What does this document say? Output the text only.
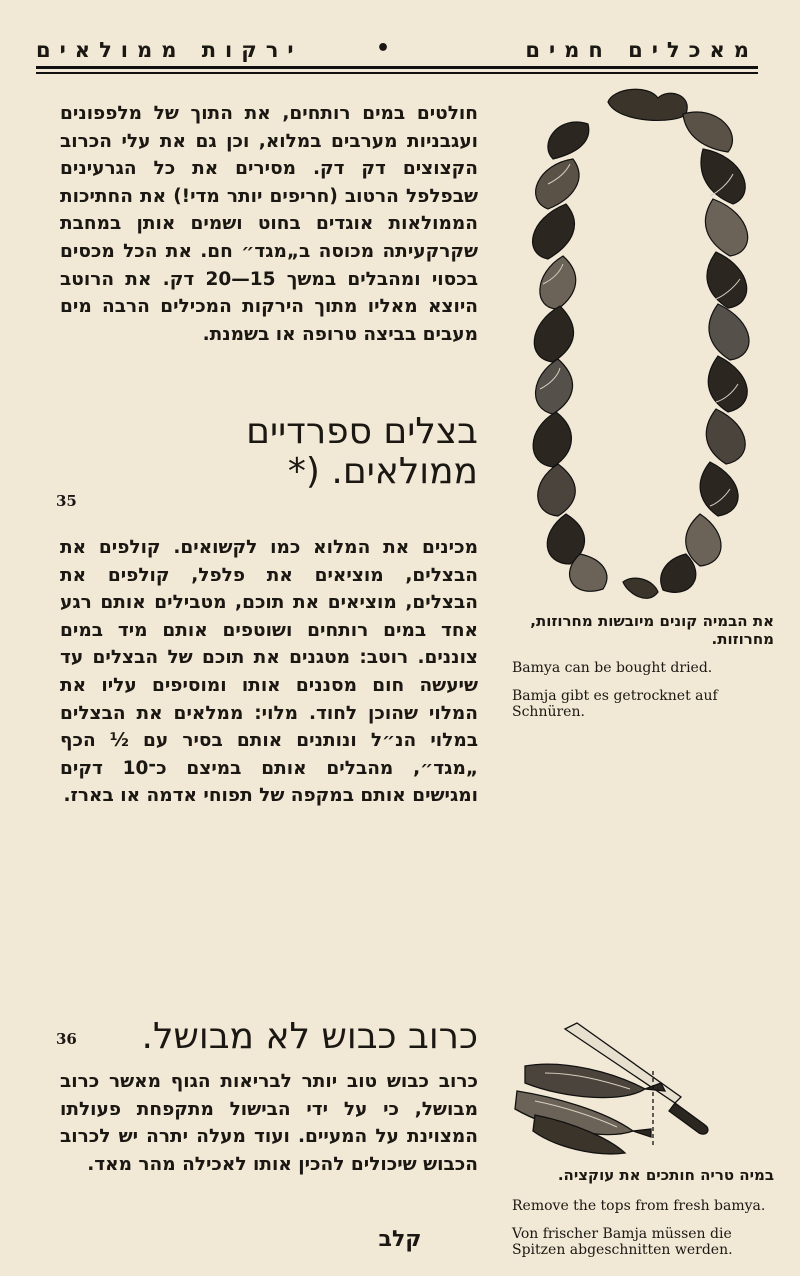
מאכלים חמים
•
ירקות ממולאים

חולטים במים רותחים, את התוך של מלפפונים ועגבניות מערבים במלוא, וכן גם את עלי הכרוב הקצוצים דק דק. מסירים את כל הגרעינים שבפלפל הרטוב (חריפים יותר מדי!) את החתיכות הממולאות אוגדים בחוט ושמים אותן במחבת שקרקעיתה מכוסה ב„מגד״ חם. את הכל מכסים בכסוי ומהבלים במשך 15—20 דק. את הרוטב היוצא מאליו מתוך הירקות המכילים הרבה מים מעבים בביצה טרופה או בשמנת.

בצלים ספרדיים
ממולאים. (*
35

מכינים את המלוא כמו לקשואים. קולפים את הבצלים, מוציאים את פלפל, קולפים את הבצלים, מוציאים את תוכם, מטבילים אותם רגע אחד במים רותחים ושוטפים אותם מיד במים צוננים. רוטב: מטגנים את תוכם של הבצלים עד שיעשה חום מסננים אותו ומוסיפים עליו את המלוי שהוכן לחוד. מלוי: ממלאים את הבצלים במלוי הנ״ל ונותנים אותם בסיר עם ½ הכף „מגד״, מהבלים אותם במיצם כ־10 דקים ומגישים אותם במקפה של תפוחי אדמה או בארז.

כרוב כבוש לא מבושל.
36

כרוב כבוש טוב יותר לבריאות הגוף מאשר כרוב מבושל, כי על ידי הבישול מתקפחת פעולתו המצוינת על המעיים. ועוד מעלה יתרה יש לכרוב הכבוש שיכולים להכין אותו לאכילה מהר מאד.

את הבמיה קונים מיובשות מחרוזות, מחרוזות.

Bamya can be bought dried.

Bamja gibt es getrocknet auf Schnüren.

במיה טריה חותכים את עוקציה.

Remove the tops from fresh bamya.

Von frischer Bamja müssen die Spitzen abgeschnitten werden.

קלב
